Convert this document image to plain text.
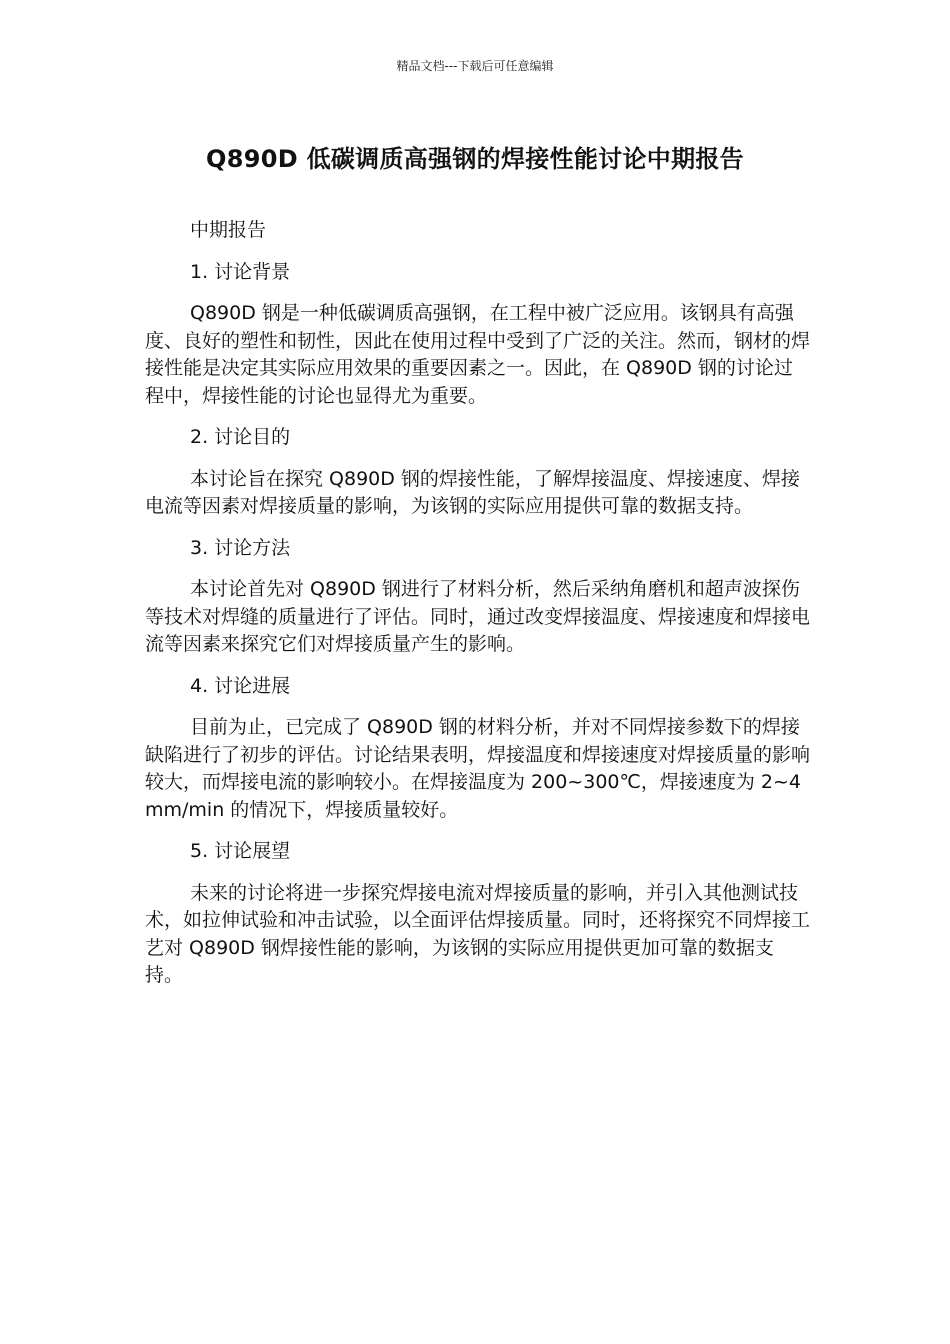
精品文档---下载后可任意编辑
Q890D 低碳调质高强钢的焊接性能讨论中期报告

中期报告

1. 讨论背景

Q890D 钢是一种低碳调质高强钢，在工程中被广泛应用。该钢具有高强度、良好的塑性和韧性，因此在使用过程中受到了广泛的关注。然而，钢材的焊接性能是决定其实际应用效果的重要因素之一。因此，在 Q890D 钢的讨论过程中，焊接性能的讨论也显得尤为重要。

2. 讨论目的

本讨论旨在探究 Q890D 钢的焊接性能，了解焊接温度、焊接速度、焊接电流等因素对焊接质量的影响，为该钢的实际应用提供可靠的数据支持。

3. 讨论方法

本讨论首先对 Q890D 钢进行了材料分析，然后采纳角磨机和超声波探伤等技术对焊缝的质量进行了评估。同时，通过改变焊接温度、焊接速度和焊接电流等因素来探究它们对焊接质量产生的影响。

4. 讨论进展

目前为止，已完成了 Q890D 钢的材料分析，并对不同焊接参数下的焊接缺陷进行了初步的评估。讨论结果表明，焊接温度和焊接速度对焊接质量的影响较大，而焊接电流的影响较小。在焊接温度为 200~300℃，焊接速度为 2~4mm/min 的情况下，焊接质量较好。

5. 讨论展望

未来的讨论将进一步探究焊接电流对焊接质量的影响，并引入其他测试技术，如拉伸试验和冲击试验，以全面评估焊接质量。同时，还将探究不同焊接工艺对 Q890D 钢焊接性能的影响，为该钢的实际应用提供更加可靠的数据支持。
